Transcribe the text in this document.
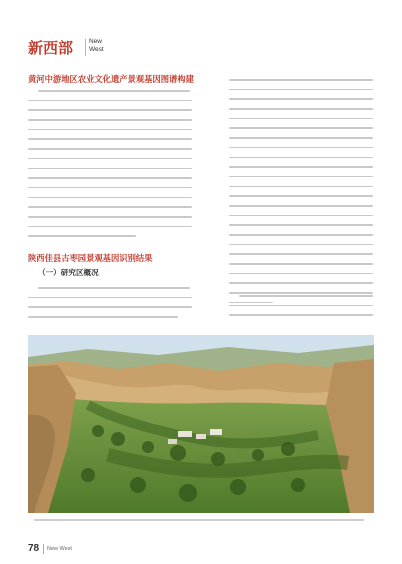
新西部 New West
黄河中游地区农业文化遗产景观基因图谱构建
陕西佳县古枣园景观基因识别结果
（一）研究区概况
78 New West
